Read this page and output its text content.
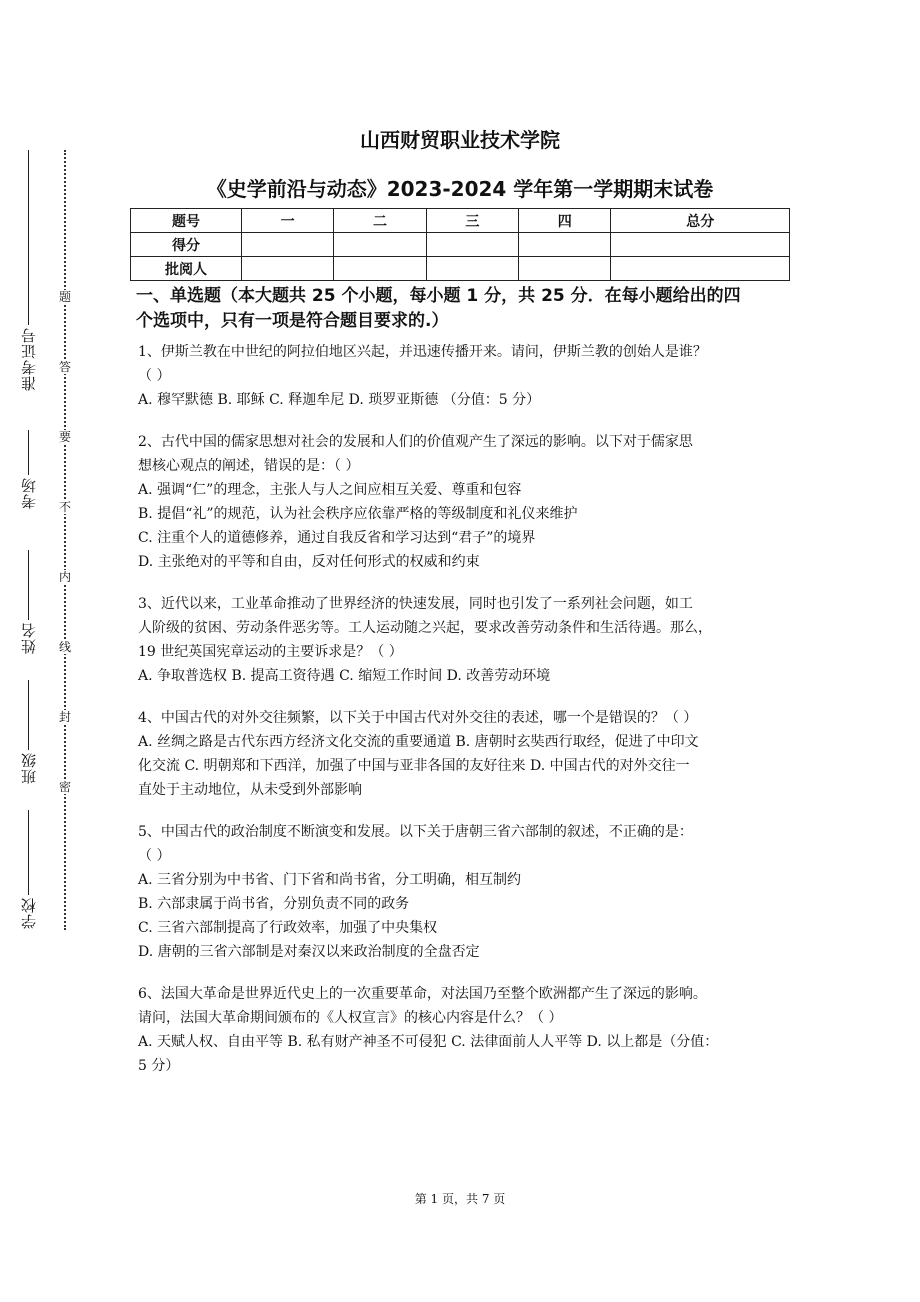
准考证号
考场
姓名
班级
学校
题
答
要
不
内
线
封
密
山西财贸职业技术学院
《史学前沿与动态》2023-2024 学年第一学期期末试卷
题号	一	二	三	四	总分
得分					
批阅人					
一、单选题（本大题共 25 个小题，每小题 1 分，共 25 分．在每小题给出的四
个选项中，只有一项是符合题目要求的.）

1、伊斯兰教在中世纪的阿拉伯地区兴起，并迅速传播开来。请问，伊斯兰教的创始人是谁？

（ ）

A. 穆罕默德 B. 耶稣 C. 释迦牟尼 D. 琐罗亚斯德 （分值：5 分）

2、古代中国的儒家思想对社会的发展和人们的价值观产生了深远的影响。以下对于儒家思

想核心观点的阐述，错误的是：（ ）

A. 强调“仁”的理念，主张人与人之间应相互关爱、尊重和包容

B. 提倡“礼”的规范，认为社会秩序应依靠严格的等级制度和礼仪来维护

C. 注重个人的道德修养，通过自我反省和学习达到“君子”的境界

D. 主张绝对的平等和自由，反对任何形式的权威和约束

3、近代以来，工业革命推动了世界经济的快速发展，同时也引发了一系列社会问题，如工

人阶级的贫困、劳动条件恶劣等。工人运动随之兴起，要求改善劳动条件和生活待遇。那么，

19 世纪英国宪章运动的主要诉求是？（ ）

A. 争取普选权 B. 提高工资待遇 C. 缩短工作时间 D. 改善劳动环境

4、中国古代的对外交往频繁，以下关于中国古代对外交往的表述，哪一个是错误的？（ ）

A. 丝绸之路是古代东西方经济文化交流的重要通道 B. 唐朝时玄奘西行取经，促进了中印文

化交流 C. 明朝郑和下西洋，加强了中国与亚非各国的友好往来 D. 中国古代的对外交往一

直处于主动地位，从未受到外部影响

5、中国古代的政治制度不断演变和发展。以下关于唐朝三省六部制的叙述，不正确的是：

（ ）

A. 三省分别为中书省、门下省和尚书省，分工明确，相互制约

B. 六部隶属于尚书省，分别负责不同的政务

C. 三省六部制提高了行政效率，加强了中央集权

D. 唐朝的三省六部制是对秦汉以来政治制度的全盘否定

6、法国大革命是世界近代史上的一次重要革命，对法国乃至整个欧洲都产生了深远的影响。

请问，法国大革命期间颁布的《人权宣言》的核心内容是什么？（ ）

A. 天赋人权、自由平等 B. 私有财产神圣不可侵犯 C. 法律面前人人平等 D. 以上都是（分值：

5 分）

第 1 页，共 7 页
